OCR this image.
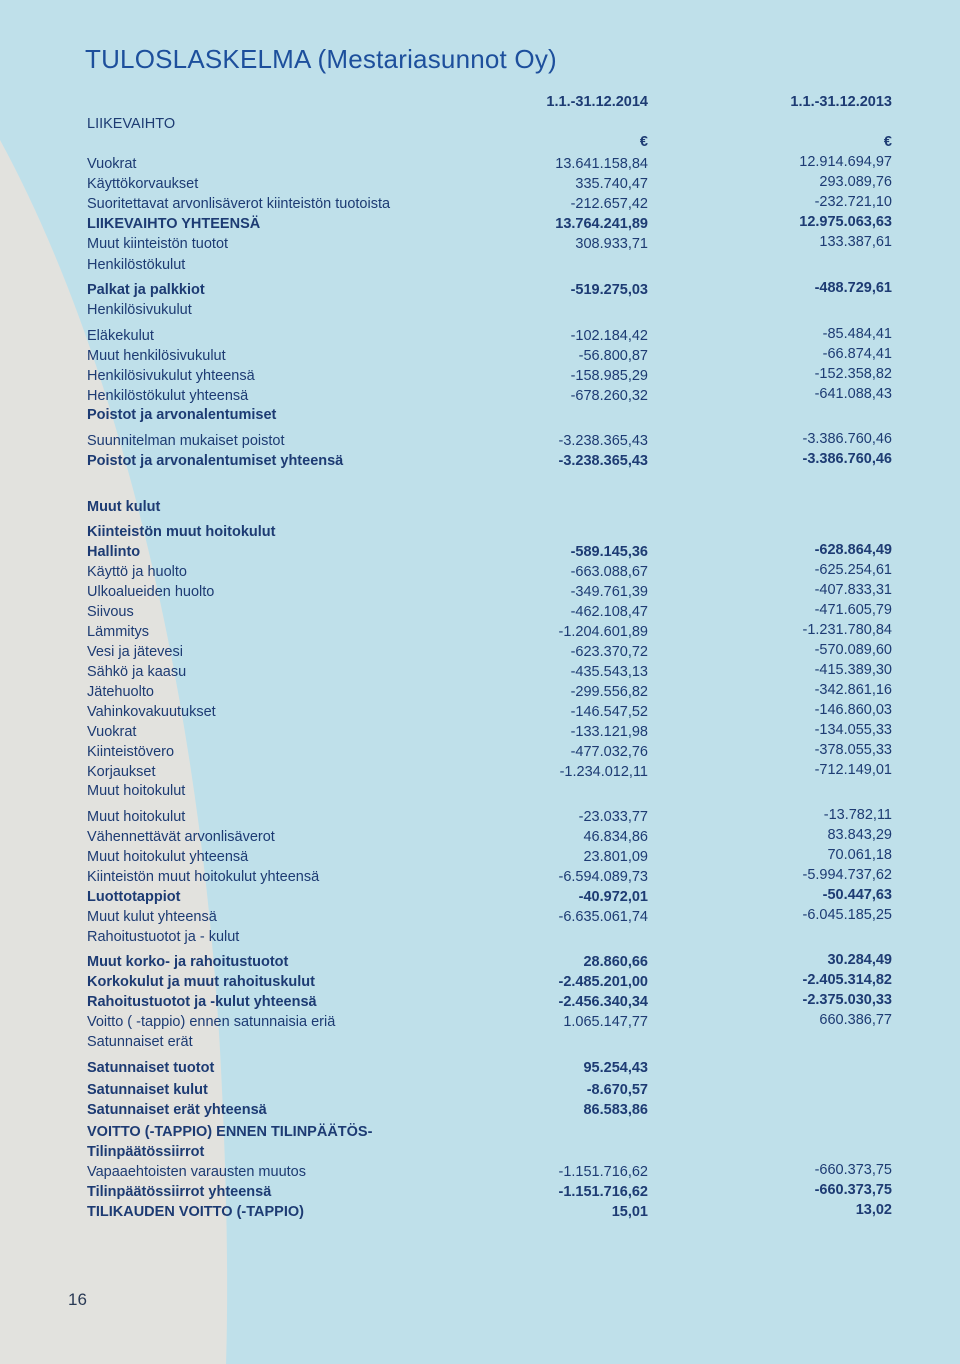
TULOSLASKELMA (Mestariasunnot Oy)
1.1.-31.12.2014	1.1.-31.12.2013
LIIKEVAIHTO
€	€
Vuokrat	13.641.158,84	12.914.694,97
Käyttökorvaukset	335.740,47	293.089,76
Suoritettavat arvonlisäverot kiinteistön tuotoista	-212.657,42	-232.721,10
LIIKEVAIHTO YHTEENSÄ	13.764.241,89	12.975.063,63
Muut kiinteistön tuotot	308.933,71	133.387,61
Henkilöstökulut
Palkat ja palkkiot	-519.275,03	-488.729,61
Henkilösivukulut
Eläkekulut	-102.184,42	-85.484,41
Muut henkilösivukulut	-56.800,87	-66.874,41
Henkilösivukulut yhteensä	-158.985,29	-152.358,82
Henkilöstökulut yhteensä	-678.260,32	-641.088,43
Poistot ja arvonalentumiset
Suunnitelman mukaiset poistot	-3.238.365,43	-3.386.760,46
Poistot ja arvonalentumiset yhteensä	-3.238.365,43	-3.386.760,46
Muut kulut
Kiinteistön muut hoitokulut
Hallinto	-589.145,36	-628.864,49
Käyttö ja huolto	-663.088,67	-625.254,61
Ulkoalueiden huolto	-349.761,39	-407.833,31
Siivous	-462.108,47	-471.605,79
Lämmitys	-1.204.601,89	-1.231.780,84
Vesi ja jätevesi	-623.370,72	-570.089,60
Sähkö ja kaasu	-435.543,13	-415.389,30
Jätehuolto	-299.556,82	-342.861,16
Vahinkovakuutukset	-146.547,52	-146.860,03
Vuokrat	-133.121,98	-134.055,33
Kiinteistövero	-477.032,76	-378.055,33
Korjaukset	-1.234.012,11	-712.149,01
Muut hoitokulut
Muut hoitokulut	-23.033,77	-13.782,11
Vähennettävät arvonlisäverot	46.834,86	83.843,29
Muut hoitokulut yhteensä	23.801,09	70.061,18
Kiinteistön muut hoitokulut yhteensä	-6.594.089,73	-5.994.737,62
Luottotappiot	-40.972,01	-50.447,63
Muut kulut yhteensä	-6.635.061,74	-6.045.185,25
Rahoitustuotot ja - kulut
Muut korko- ja rahoitustuotot	28.860,66	30.284,49
Korkokulut ja muut rahoituskulut	-2.485.201,00	-2.405.314,82
Rahoitustuotot ja -kulut yhteensä	-2.456.340,34	-2.375.030,33
Voitto ( -tappio) ennen satunnaisia eriä	1.065.147,77	660.386,77
Satunnaiset erät
Satunnaiset tuotot	95.254,43
Satunnaiset kulut	-8.670,57
Satunnaiset erät yhteensä	86.583,86
VOITTO (-TAPPIO) ENNEN TILINPÄÄTÖS-
Tilinpäätössiirrot
Vapaaehtoisten varausten muutos	-1.151.716,62	-660.373,75
Tilinpäätössiirrot yhteensä	-1.151.716,62	-660.373,75
TILIKAUDEN VOITTO (-TAPPIO)	15,01	13,02
16
